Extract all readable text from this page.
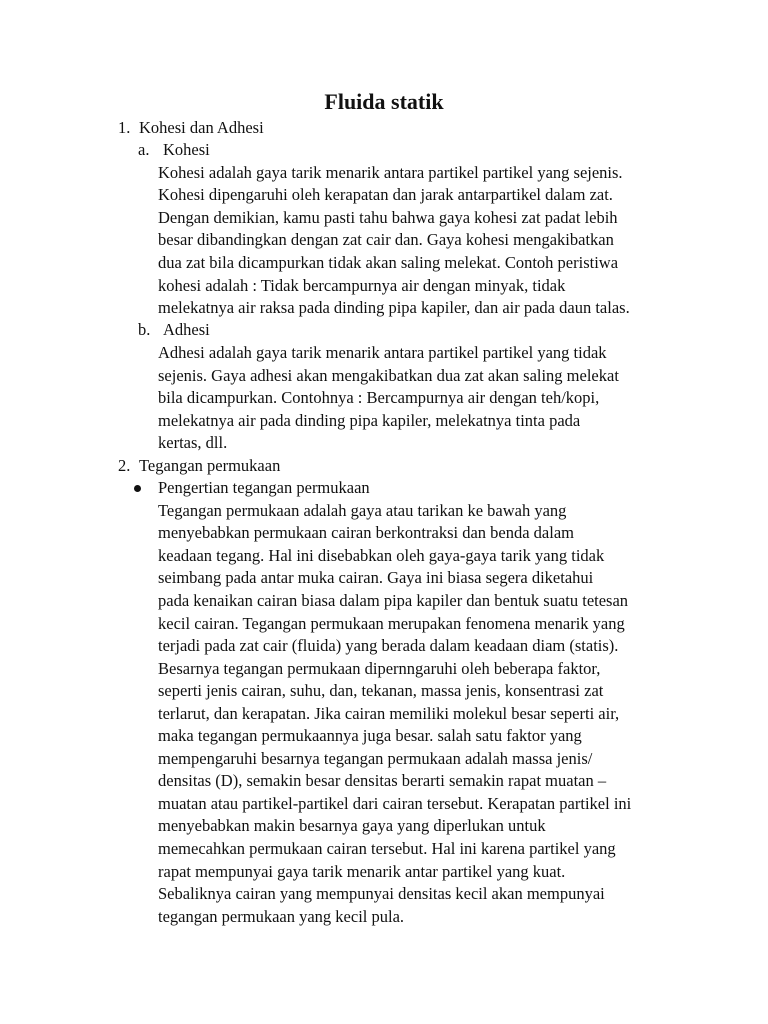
Fluida statik
1. Kohesi dan Adhesi
a. Kohesi
Kohesi adalah gaya tarik menarik antara partikel partikel yang sejenis.
Kohesi dipengaruhi oleh kerapatan dan jarak antarpartikel dalam zat.
Dengan demikian, kamu pasti tahu bahwa gaya kohesi zat padat lebih
besar dibandingkan dengan zat cair dan. Gaya kohesi mengakibatkan
dua zat bila dicampurkan tidak akan saling melekat. Contoh peristiwa
kohesi adalah : Tidak bercampurnya air dengan minyak, tidak
melekatnya air raksa pada dinding pipa kapiler, dan air pada daun talas.
b. Adhesi
Adhesi adalah gaya tarik menarik antara partikel partikel yang tidak
sejenis. Gaya adhesi akan mengakibatkan dua zat akan saling melekat
bila dicampurkan. Contohnya : Bercampurnya air dengan teh/kopi,
melekatnya air pada dinding pipa kapiler, melekatnya tinta pada
kertas, dll.
2. Tegangan permukaan
Pengertian tegangan permukaan
Tegangan permukaan adalah gaya atau tarikan ke bawah yang
menyebabkan permukaan cairan berkontraksi dan benda dalam
keadaan tegang. Hal ini disebabkan oleh gaya-gaya tarik yang tidak
seimbang pada antar muka cairan. Gaya ini biasa segera diketahui
pada kenaikan cairan biasa dalam pipa kapiler dan bentuk suatu tetesan
kecil cairan. Tegangan permukaan merupakan fenomena menarik yang
terjadi pada zat cair (fluida) yang berada dalam keadaan diam (statis).
Besarnya tegangan permukaan dipernngaruhi oleh beberapa faktor,
seperti jenis cairan, suhu, dan, tekanan, massa jenis, konsentrasi zat
terlarut, dan kerapatan. Jika cairan memiliki molekul besar seperti air,
maka tegangan permukaannya juga besar. salah satu faktor yang
mempengaruhi besarnya tegangan permukaan adalah massa jenis/
densitas (D), semakin besar densitas berarti semakin rapat muatan –
muatan atau partikel-partikel dari cairan tersebut. Kerapatan partikel ini
menyebabkan makin besarnya gaya yang diperlukan untuk
memecahkan permukaan cairan tersebut. Hal ini karena partikel yang
rapat mempunyai gaya tarik menarik antar partikel yang kuat.
Sebaliknya cairan yang mempunyai densitas kecil akan mempunyai
tegangan permukaan yang kecil pula.
